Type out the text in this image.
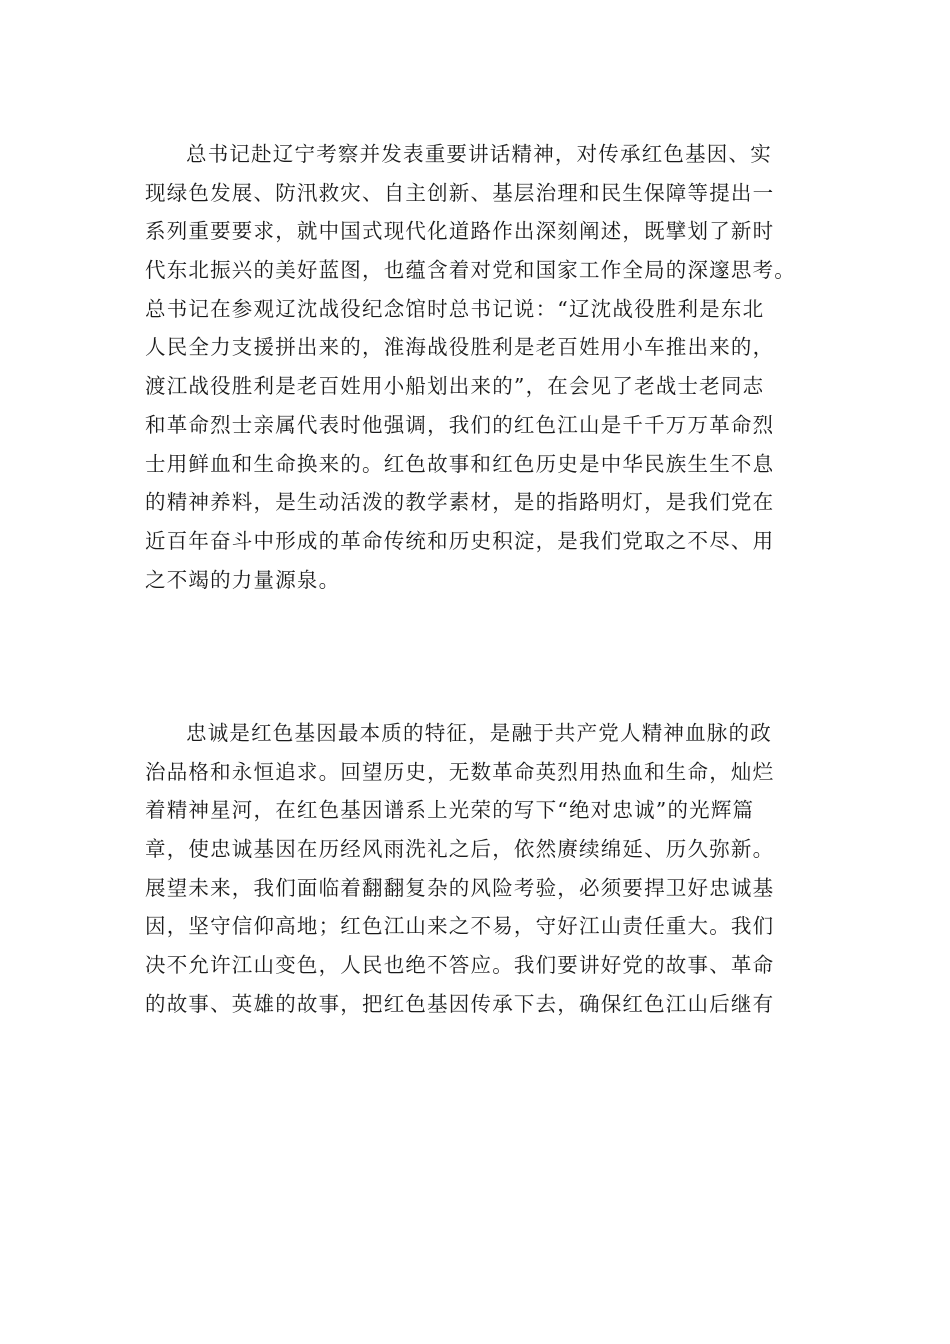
总书记赴辽宁考察并发表重要讲话精神，对传承红色基因、实
现绿色发展、防汛救灾、自主创新、基层治理和民生保障等提出一
系列重要要求，就中国式现代化道路作出深刻阐述，既擘划了新时
代东北振兴的美好蓝图，也蕴含着对党和国家工作全局的深邃思考。
总书记在参观辽沈战役纪念馆时总书记说：“辽沈战役胜利是东北
人民全力支援拼出来的，淮海战役胜利是老百姓用小车推出来的，
渡江战役胜利是老百姓用小船划出来的”，在会见了老战士老同志
和革命烈士亲属代表时他强调，我们的红色江山是千千万万革命烈
士用鲜血和生命换来的。红色故事和红色历史是中华民族生生不息
的精神养料，是生动活泼的教学素材，是的指路明灯，是我们党在
近百年奋斗中形成的革命传统和历史积淀，是我们党取之不尽、用
之不竭的力量源泉。
忠诚是红色基因最本质的特征，是融于共产党人精神血脉的政
治品格和永恒追求。回望历史，无数革命英烈用热血和生命，灿烂
着精神星河，在红色基因谱系上光荣的写下“绝对忠诚”的光辉篇
章，使忠诚基因在历经风雨洗礼之后，依然赓续绵延、历久弥新。
展望未来，我们面临着翻翻复杂的风险考验，必须要捍卫好忠诚基
因，坚守信仰高地；红色江山来之不易，守好江山责任重大。我们
决不允许江山变色，人民也绝不答应。我们要讲好党的故事、革命
的故事、英雄的故事，把红色基因传承下去，确保红色江山后继有
